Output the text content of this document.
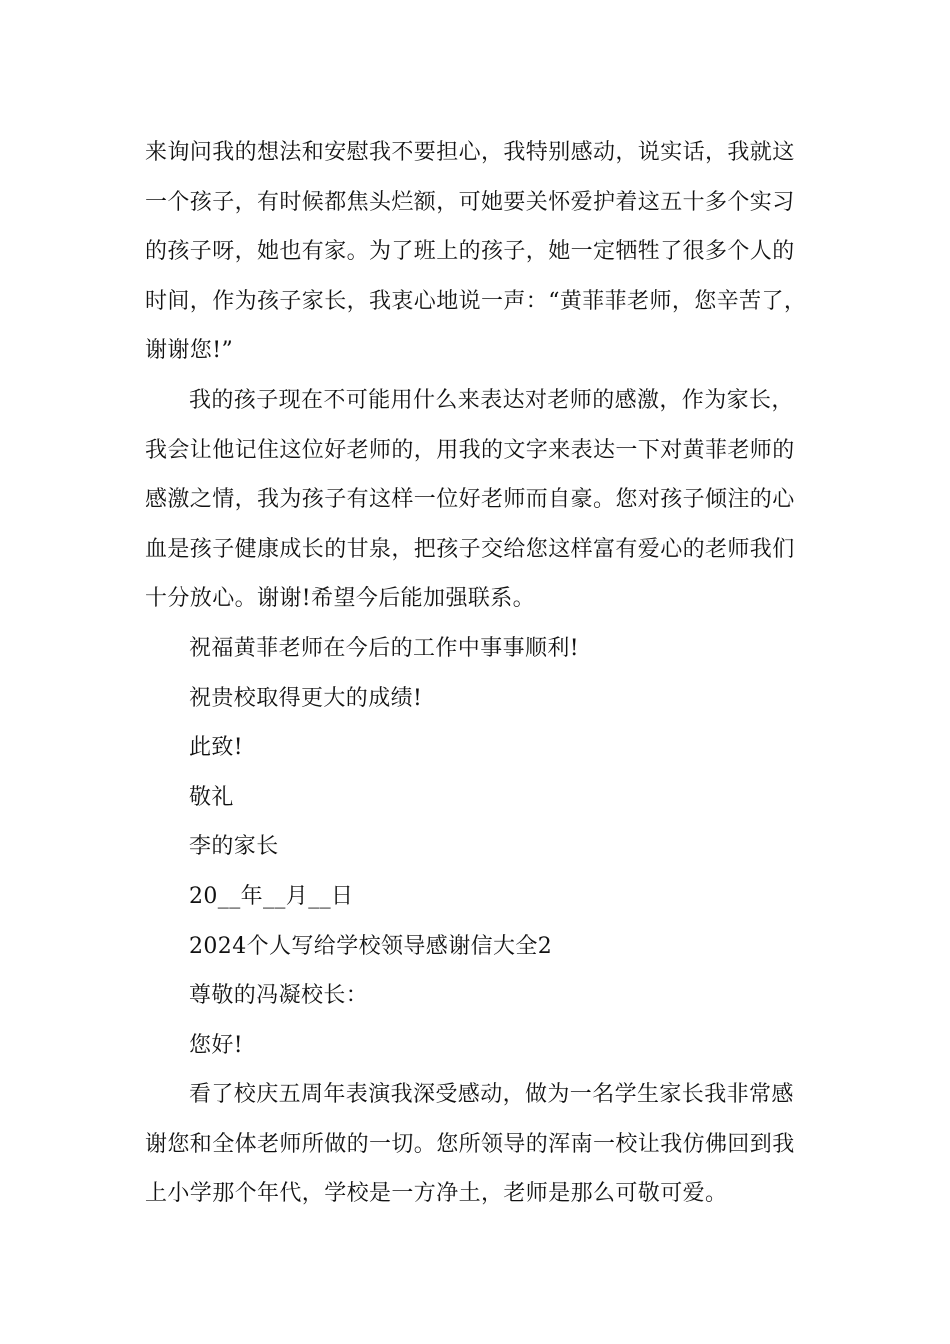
来询问我的想法和安慰我不要担心，我特别感动，说实话，我就这
一个孩子，有时候都焦头烂额，可她要关怀爱护着这五十多个实习
的孩子呀，她也有家。为了班上的孩子，她一定牺牲了很多个人的
时间，作为孩子家长，我衷心地说一声：“黄菲菲老师，您辛苦了，
谢谢您!”
我的孩子现在不可能用什么来表达对老师的感激，作为家长，
我会让他记住这位好老师的，用我的文字来表达一下对黄菲老师的
感激之情，我为孩子有这样一位好老师而自豪。您对孩子倾注的心
血是孩子健康成长的甘泉，把孩子交给您这样富有爱心的老师我们
十分放心。谢谢!希望今后能加强联系。
祝福黄菲老师在今后的工作中事事顺利!
祝贵校取得更大的成绩!
此致!
敬礼
李的家长
20__年__月__日
2024个人写给学校领导感谢信大全2
尊敬的冯凝校长：
您好!
看了校庆五周年表演我深受感动，做为一名学生家长我非常感
谢您和全体老师所做的一切。您所领导的浑南一校让我仿佛回到我
上小学那个年代，学校是一方净土，老师是那么可敬可爱。
